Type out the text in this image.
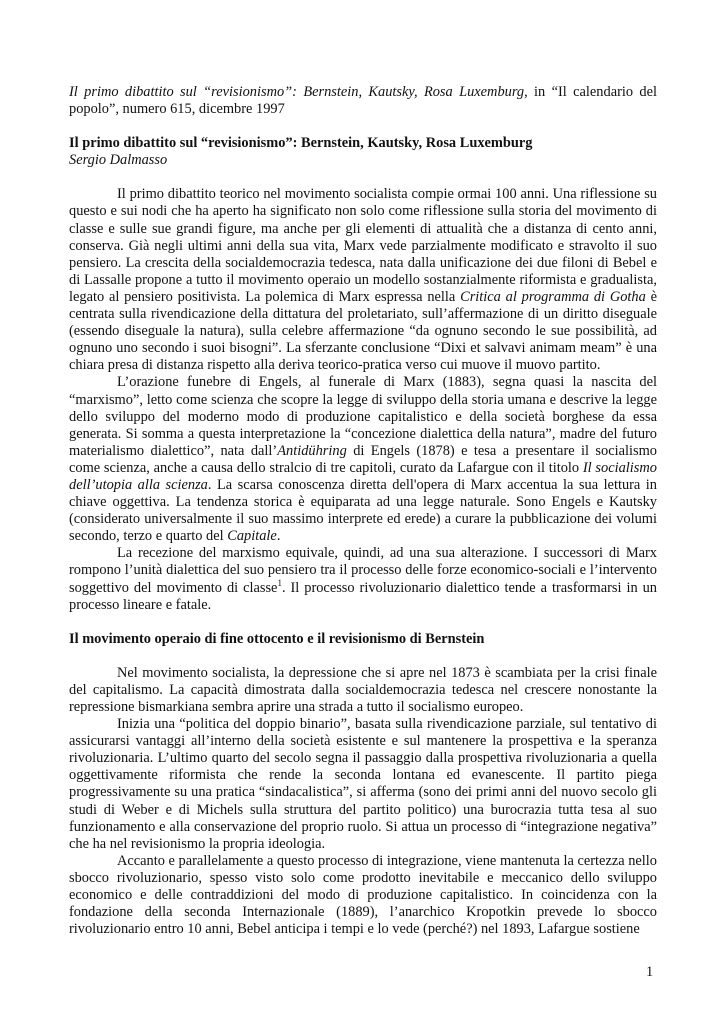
Il primo dibattito sul “revisionismo”: Bernstein, Kautsky, Rosa Luxemburg, in “Il calendario del popolo”, numero 615, dicembre 1997

Il primo dibattito sul “revisionismo”: Bernstein, Kautsky, Rosa Luxemburg

Sergio Dalmasso

Il primo dibattito teorico nel movimento socialista compie ormai 100 anni. Una riflessione su questo e sui nodi che ha aperto ha significato non solo come riflessione sulla storia del movimento di classe e sulle sue grandi figure, ma anche per gli elementi di attualità che a distanza di cento anni, conserva. Già negli ultimi anni della sua vita, Marx vede parzialmente modificato e stravolto il suo pensiero. La crescita della socialdemocrazia tedesca, nata dalla unificazione dei due filoni di Bebel e di Lassalle propone a tutto il movimento operaio un modello sostanzialmente riformista e gradualista, legato al pensiero positivista. La polemica di Marx espressa nella Critica al programma di Gotha è centrata sulla rivendicazione della dittatura del proletariato, sull’affermazione di un diritto diseguale (essendo diseguale la natura), sulla celebre affermazione “da ognuno secondo le sue possibilità, ad ognuno uno secondo i suoi bisogni”. La sferzante conclusione “Dixi et salvavi animam meam” è una chiara presa di distanza rispetto alla deriva teorico-pratica verso cui muove il muovo partito.

L’orazione funebre di Engels, al funerale di Marx (1883), segna quasi la nascita del “marxismo”, letto come scienza che scopre la legge di sviluppo della storia umana e descrive la legge dello sviluppo del moderno modo di produzione capitalistico e della società borghese da essa generata. Si somma a questa interpretazione la “concezione dialettica della natura”, madre del futuro materialismo dialettico”, nata dall’Antidühring di Engels (1878) e tesa a presentare il socialismo come scienza, anche a causa dello stralcio di tre capitoli, curato da Lafargue con il titolo Il socialismo dell’utopia alla scienza. La scarsa conoscenza diretta dell'opera di Marx accentua la sua lettura in chiave oggettiva. La tendenza storica è equiparata ad una legge naturale. Sono Engels e Kautsky (considerato universalmente il suo massimo interprete ed erede) a curare la pubblicazione dei volumi secondo, terzo e quarto del Capitale.

La recezione del marxismo equivale, quindi, ad una sua alterazione. I successori di Marx rompono l’unità dialettica del suo pensiero tra il processo delle forze economico-sociali e l’intervento soggettivo del movimento di classe$^1$. Il processo rivoluzionario dialettico tende a trasformarsi in un processo lineare e fatale.

Il movimento operaio di fine ottocento e il revisionismo di Bernstein

Nel movimento socialista, la depressione che si apre nel 1873 è scambiata per la crisi finale del capitalismo. La capacità dimostrata dalla socialdemocrazia tedesca nel crescere nonostante la repressione bismarkiana sembra aprire una strada a tutto il socialismo europeo.

Inizia una “politica del doppio binario”, basata sulla rivendicazione parziale, sul tentativo di assicurarsi vantaggi all’interno della società esistente e sul mantenere la prospettiva e la speranza rivoluzionaria. L’ultimo quarto del secolo segna il passaggio dalla prospettiva rivoluzionaria a quella oggettivamente riformista che rende la seconda lontana ed evanescente. Il partito piega progressivamente su una pratica “sindacalistica”, si afferma (sono dei primi anni del nuovo secolo gli studi di Weber e di Michels sulla struttura del partito politico) una burocrazia tutta tesa al suo funzionamento e alla conservazione del proprio ruolo. Si attua un processo di “integrazione negativa” che ha nel revisionismo la propria ideologia.

Accanto e parallelamente a questo processo di integrazione, viene mantenuta la certezza nello sbocco rivoluzionario, spesso visto solo come prodotto inevitabile e meccanico dello sviluppo economico e delle contraddizioni del modo di produzione capitalistico. In coincidenza con la fondazione della seconda Internazionale (1889), l’anarchico Kropotkin prevede lo sbocco rivoluzionario entro 10 anni, Bebel anticipa i tempi e lo vede (perché?) nel 1893, Lafargue sostiene

1
